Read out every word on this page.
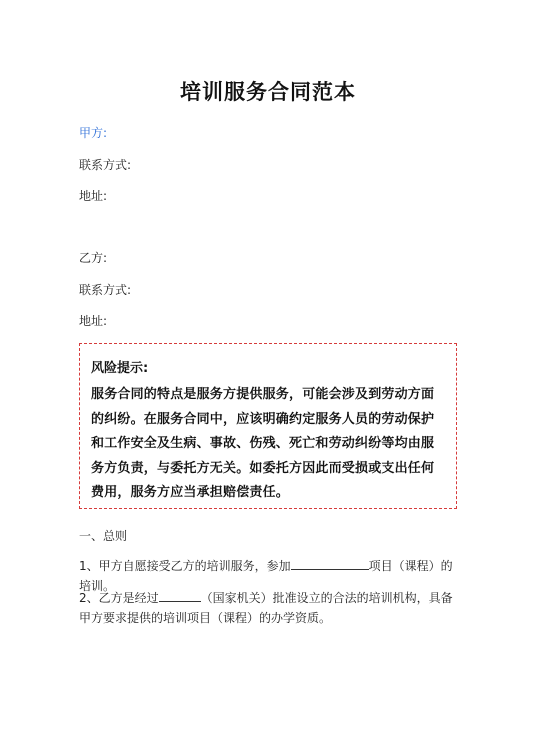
培训服务合同范本
甲方:
联系方式:
地址:
乙方:
联系方式:
地址:
风险提示:
服务合同的特点是服务方提供服务，可能会涉及到劳动方面的纠纷。在服务合同中，应该明确约定服务人员的劳动保护和工作安全及生病、事故、伤残、死亡和劳动纠纷等均由服务方负责，与委托方无关。如委托方因此而受损或支出任何费用，服务方应当承担赔偿责任。
一、总则
1、甲方自愿接受乙方的培训服务，参加	项目（课程）的培训。
2、乙方是经过	（国家机关）批准设立的合法的培训机构，具备甲方要求提供的培训项目（课程）的办学资质。
